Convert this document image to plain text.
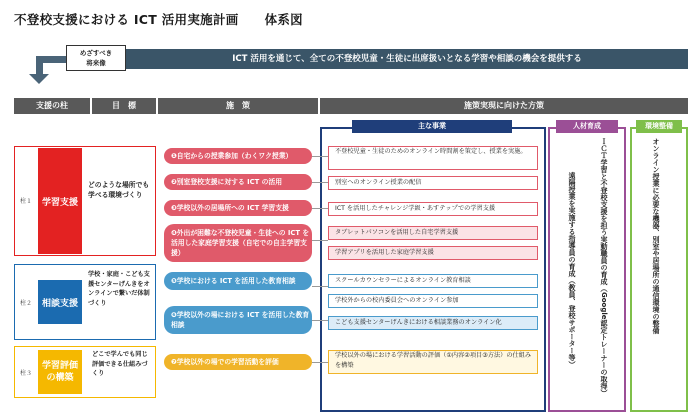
不登校支援における ICT 活用実施計画 体系図
めざすべき
将来像	ICT 活用を通じて、全ての不登校児童・生徒に出席扱いとなる学習や相談の機会を提供する
支援の柱	目　標	施　策	施策実現に向けた方策
主な事業	人材育成	環境整備
柱１	学習支援
どのような場所でも学べる環境づくり
柱２	相談支援
学校・家庭・こども支援センターげんきをオンラインで繋いだ体制づくり
柱３
学習評価の構築
どこで学んでも同じ評価できる仕組みづくり
❶自宅からの授業参加（わくワク授業）
❷別室登校支援に対する ICT の活用
❸学校以外の居場所への ICT 学習支援
❹外出が困難な不登校児童・生徒への ICT を活用した家庭学習支援（自宅での自主学習支援）
❺学校における ICT を活用した教育相談
❻学校以外の場における ICT を活用した教育相談
❼学校以外の場での学習活動を評価
不登校児童・生徒のためのオンライン時間割を策定し、授業を実施。
別室へのオンライン授業の配信
ICT を活用したチャレンジ学級・あすテップでの学習支援
タブレットパソコンを活用した自宅学習支援
学習アプリを活用した家庭学習支援
スクールカウンセラーによるオンライン教育相談
学校外からの校内委員会へのオンライン参加
こども支援センターげんきにおける相談業務のオンライン化
学校以外の場における学習活動の評価（①内容②項目③方法）の仕組みを構築	ＩＣＴ学習と不登校支援を担う実動職員の育成（Google認定トレーナーの取得）
遠隔授業を実施する指導員の育成（教員、登校サポーター等）	オンライン授業に必要な機器、別室や居場所の通信環境の整備
